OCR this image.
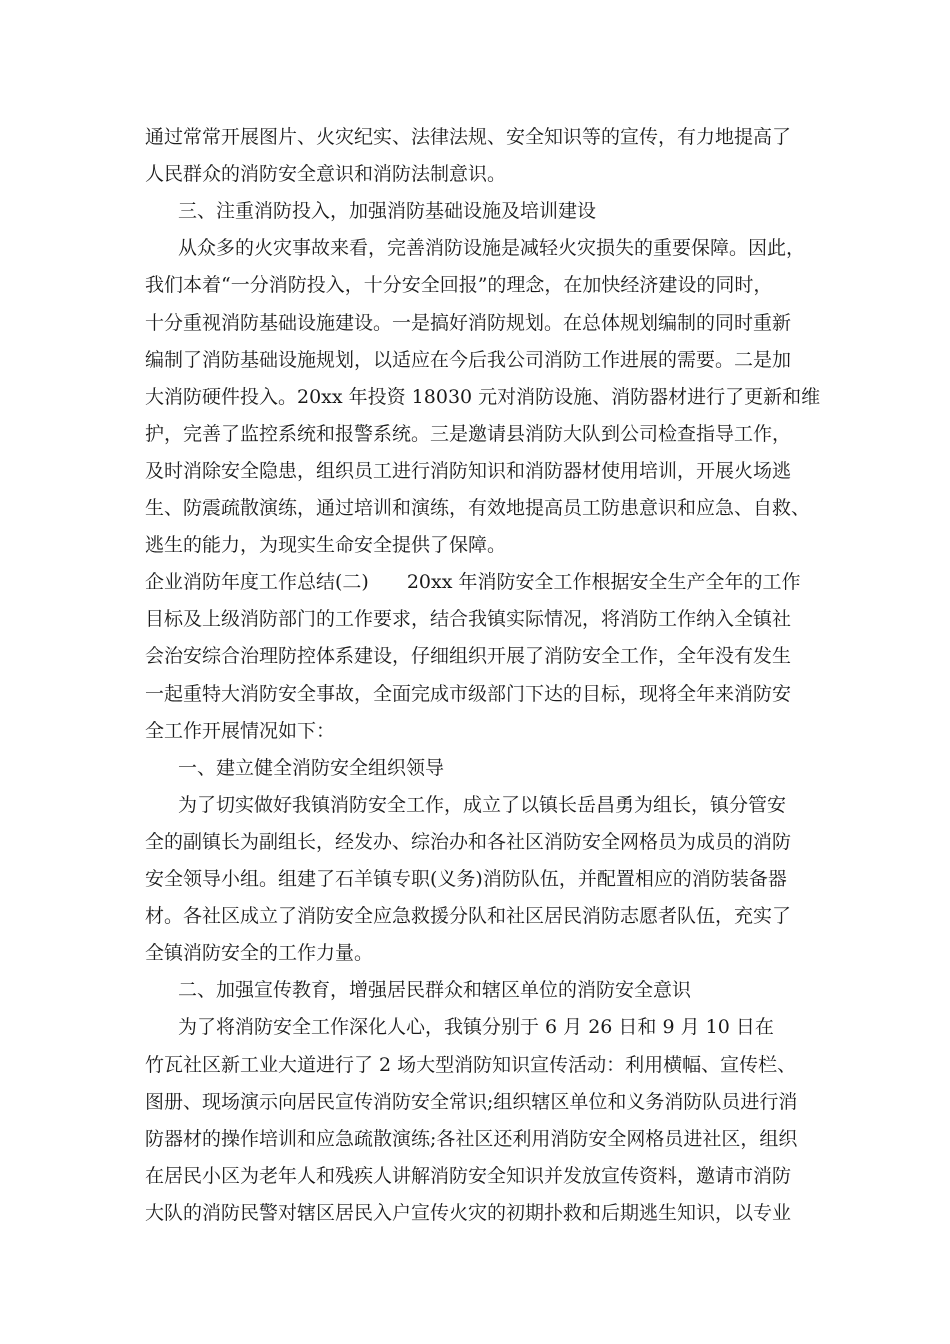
通过常常开展图片、火灾纪实、法律法规、安全知识等的宣传，有力地提高了
人民群众的消防安全意识和消防法制意识。
三、注重消防投入，加强消防基础设施及培训建设
从众多的火灾事故来看，完善消防设施是减轻火灾损失的重要保障。因此，
我们本着“一分消防投入，十分安全回报”的理念，在加快经济建设的同时，
十分重视消防基础设施建设。一是搞好消防规划。在总体规划编制的同时重新
编制了消防基础设施规划，以适应在今后我公司消防工作进展的需要。二是加
大消防硬件投入。20xx 年投资 18030 元对消防设施、消防器材进行了更新和维
护，完善了监控系统和报警系统。三是邀请县消防大队到公司检查指导工作，
及时消除安全隐患，组织员工进行消防知识和消防器材使用培训，开展火场逃
生、防震疏散演练，通过培训和演练，有效地提高员工防患意识和应急、自救、
逃生的能力，为现实生命安全提供了保障。
企业消防年度工作总结(二)　　20xx 年消防安全工作根据安全生产全年的工作
目标及上级消防部门的工作要求，结合我镇实际情况，将消防工作纳入全镇社
会治安综合治理防控体系建设，仔细组织开展了消防安全工作，全年没有发生
一起重特大消防安全事故，全面完成市级部门下达的目标，现将全年来消防安
全工作开展情况如下：
一、建立健全消防安全组织领导
为了切实做好我镇消防安全工作，成立了以镇长岳昌勇为组长，镇分管安
全的副镇长为副组长，经发办、综治办和各社区消防安全网格员为成员的消防
安全领导小组。组建了石羊镇专职(义务)消防队伍，并配置相应的消防装备器
材。各社区成立了消防安全应急救援分队和社区居民消防志愿者队伍，充实了
全镇消防安全的工作力量。
二、加强宣传教育，增强居民群众和辖区单位的消防安全意识
为了将消防安全工作深化人心，我镇分别于 6 月 26 日和 9 月 10 日在
竹瓦社区新工业大道进行了 2 场大型消防知识宣传活动：利用横幅、宣传栏、
图册、现场演示向居民宣传消防安全常识;组织辖区单位和义务消防队员进行消
防器材的操作培训和应急疏散演练;各社区还利用消防安全网格员进社区，组织
在居民小区为老年人和残疾人讲解消防安全知识并发放宣传资料，邀请市消防
大队的消防民警对辖区居民入户宣传火灾的初期扑救和后期逃生知识，以专业
